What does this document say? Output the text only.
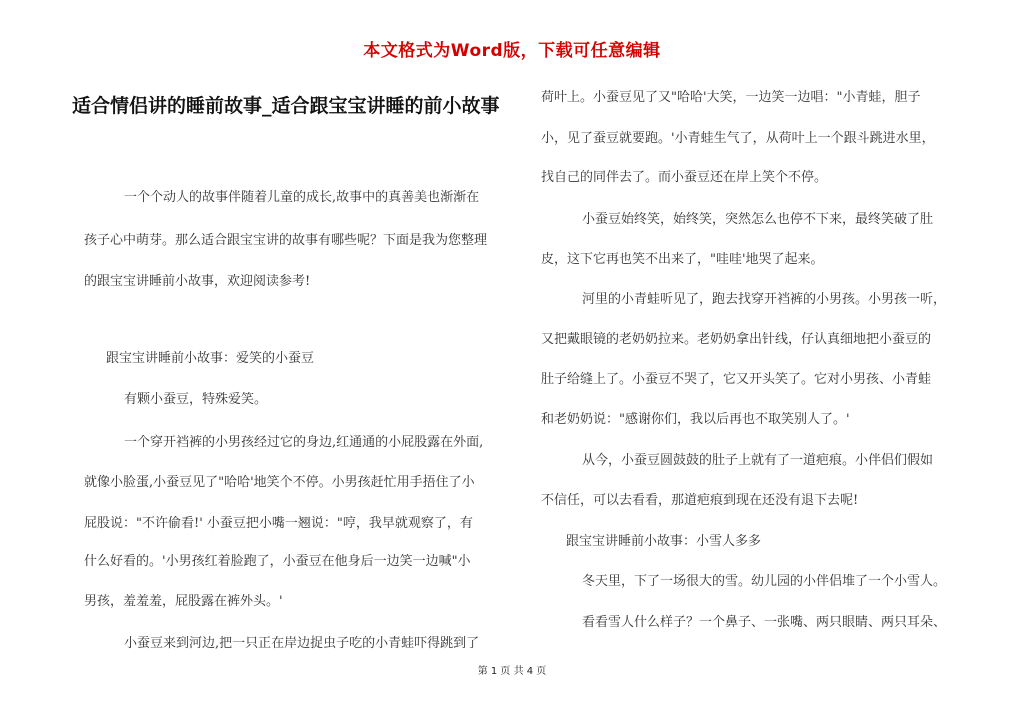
本文格式为Word版，下载可任意编辑
适合情侣讲的睡前故事_适合跟宝宝讲睡的前小故事
一个个动人的故事伴随着儿童的成长,故事中的真善美也渐渐在
孩子心中萌芽。那么适合跟宝宝讲的故事有哪些呢？下面是我为您整理
的跟宝宝讲睡前小故事，欢迎阅读参考!
跟宝宝讲睡前小故事：爱笑的小蚕豆
有颗小蚕豆，特殊爱笑。
一个穿开裆裤的小男孩经过它的身边,红通通的小屁股露在外面,
就像小脸蛋,小蚕豆见了"哈哈'地笑个不停。小男孩赶忙用手捂住了小
屁股说："不许偷看!' 小蚕豆把小嘴一翘说："哼，我早就观察了，有
什么好看的。'小男孩红着脸跑了，小蚕豆在他身后一边笑一边喊"小
男孩，羞羞羞，屁股露在裤外头。'
小蚕豆来到河边,把一只正在岸边捉虫子吃的小青蛙吓得跳到了
荷叶上。小蚕豆见了又"哈哈'大笑，一边笑一边唱："小青蛙，胆子
小，见了蚕豆就要跑。'小青蛙生气了，从荷叶上一个跟斗跳进水里，
找自己的同伴去了。而小蚕豆还在岸上笑个不停。
小蚕豆始终笑，始终笑，突然怎么也停不下来，最终笑破了肚
皮，这下它再也笑不出来了，"哇哇'地哭了起来。
河里的小青蛙听见了，跑去找穿开裆裤的小男孩。小男孩一听，
又把戴眼镜的老奶奶拉来。老奶奶拿出针线，仔认真细地把小蚕豆的
肚子给缝上了。小蚕豆不哭了，它又开头笑了。它对小男孩、小青蛙
和老奶奶说："感谢你们，我以后再也不取笑别人了。'
从今，小蚕豆圆鼓鼓的肚子上就有了一道疤痕。小伴侣们假如
不信任，可以去看看，那道疤痕到现在还没有退下去呢!
跟宝宝讲睡前小故事：小雪人多多
冬天里，下了一场很大的雪。幼儿园的小伴侣堆了一个小雪人。
看看雪人什么样子？一个鼻子、一张嘴、两只眼睛、两只耳朵、
第 1 页 共 4 页
